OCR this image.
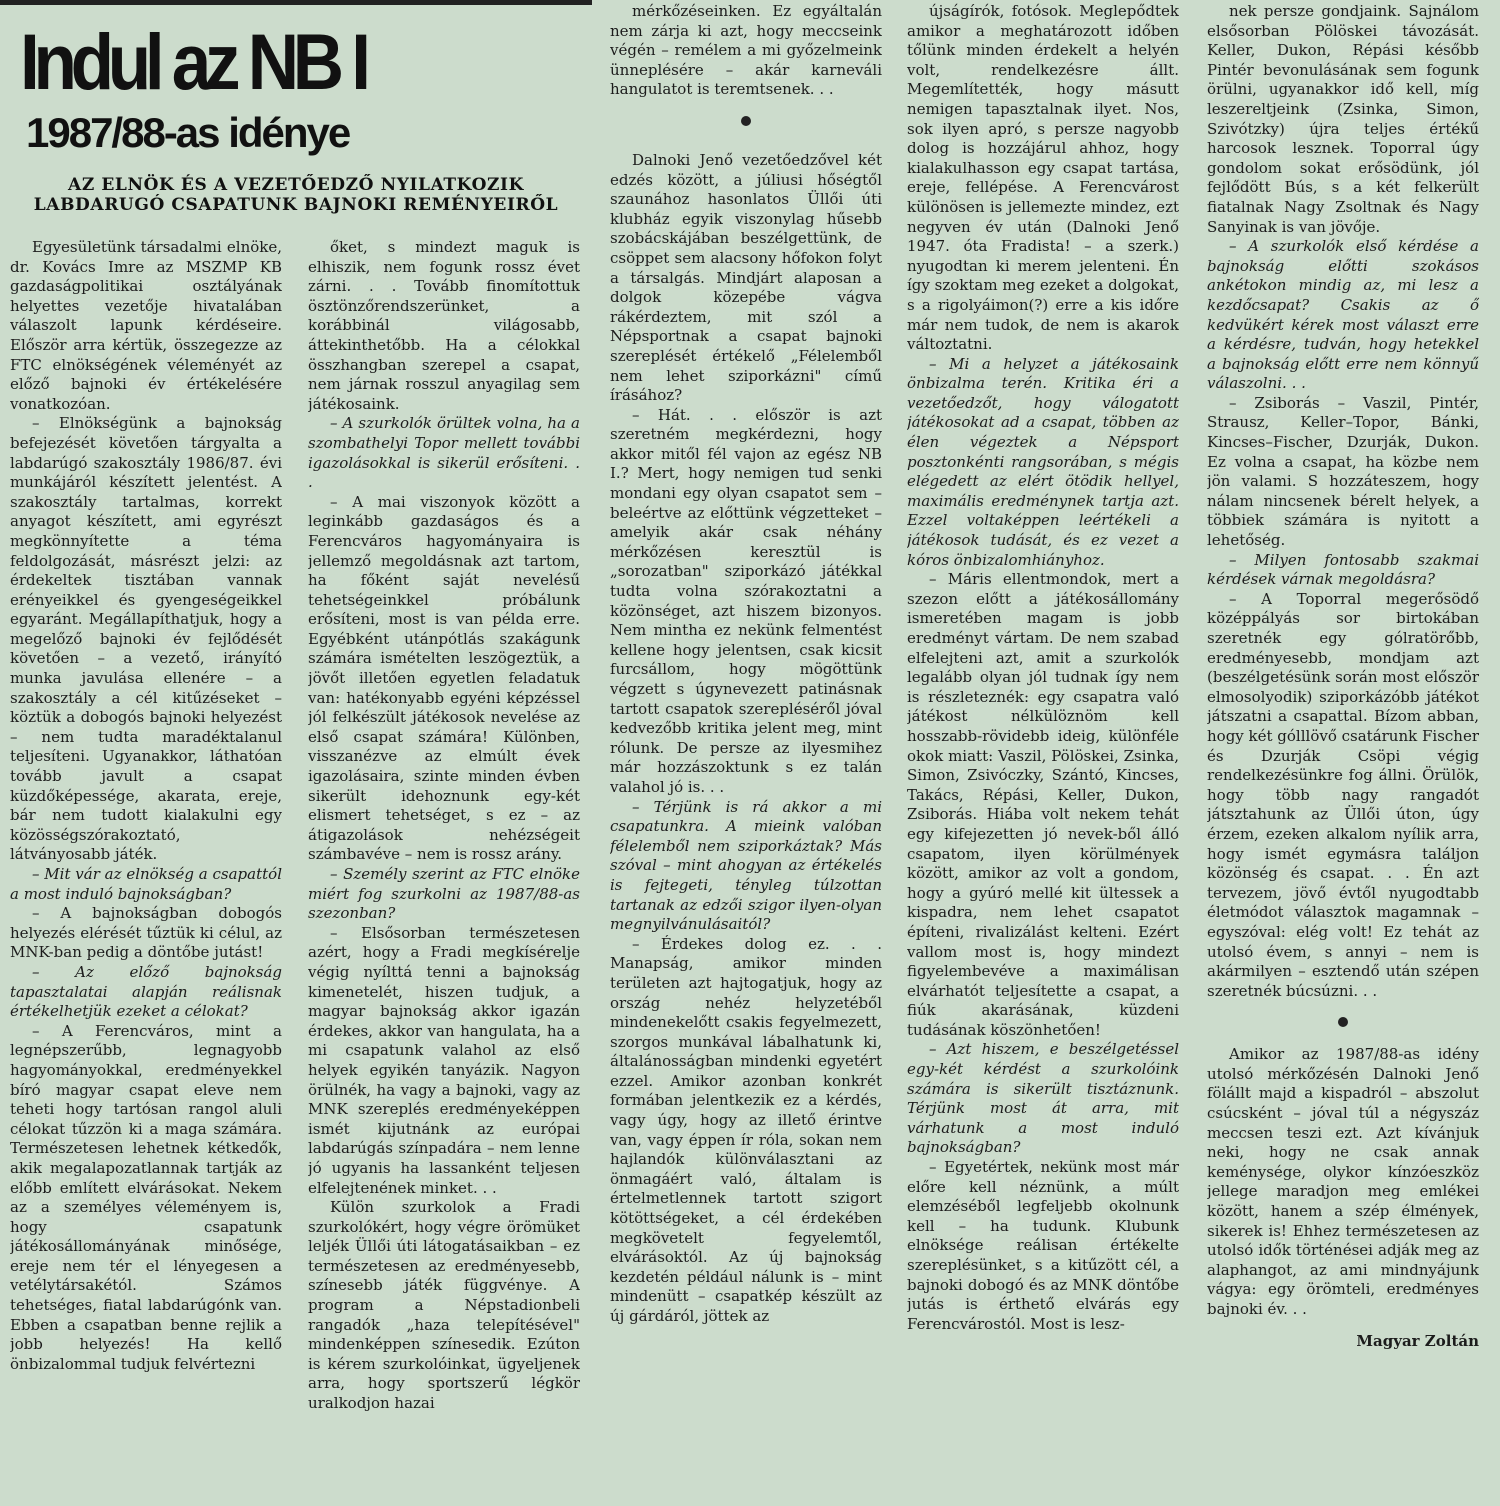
Indul az NB I
1987/88-as idénye
AZ ELNÖK ÉS A VEZETŐEDZŐ NYILATKOZIK
LABDARUGÓ CSAPATUNK BAJNOKI REMÉNYEIRŐL

Egyesületünk társadalmi elnöke, dr. Kovács Imre az MSZMP KB gazdaságpolitikai osztályának helyettes vezetője hivatalában válaszolt lapunk kérdéseire. Először arra kértük, összegezze az FTC elnökségének véleményét az előző bajnoki év értékelésére vonatkozóan.

– Elnökségünk a bajnokság befejezését követően tárgyalta a labdarúgó szakosztály 1986/87. évi munkájáról készített jelentést. A szakosztály tartalmas, korrekt anyagot készített, ami egyrészt megkönnyítette a téma feldolgozását, másrészt jelzi: az érdekeltek tisztában vannak erényeikkel és gyengeségeikkel egyaránt. Megállapíthatjuk, hogy a megelőző bajnoki év fejlődését követően – a vezető, irányító munka javulása ellenére – a szakosztály a cél kitűzéseket – köztük a dobogós bajnoki helyezést – nem tudta maradéktalanul teljesíteni. Ugyanakkor, láthatóan tovább javult a csapat küzdőképessége, akarata, ereje, bár nem tudott kialakulni egy közösségszórakoztató, látványosabb játék.

– Mit vár az elnökség a csapattól a most induló bajnokságban?

– A bajnokságban dobogós helyezés elérését tűztük ki célul, az MNK-ban pedig a döntőbe jutást!

– Az előző bajnokság tapasztalatai alapján reálisnak értékelhetjük ezeket a célokat?

– A Ferencváros, mint a legnépszerűbb, legnagyobb hagyományokkal, eredményekkel bíró magyar csapat eleve nem teheti hogy tartósan rangol aluli célokat tűzzön ki a maga számára. Természetesen lehetnek kétkedők, akik megalapozatlannak tartják az előbb említett elvárásokat. Nekem az a személyes véleményem is, hogy csapatunk játékosállományának minősége, ereje nem tér el lényegesen a vetélytársakétól. Számos tehetséges, fiatal labdarúgónk van. Ebben a csapatban benne rejlik a jobb helyezés! Ha kellő önbizalommal tudjuk felvértezni

őket, s mindezt maguk is elhiszik, nem fogunk rossz évet zárni. . . Tovább finomítottuk ösztönzőrendszerünket, a korábbinál világosabb, áttekinthetőbb. Ha a célokkal összhangban szerepel a csapat, nem járnak rosszul anyagilag sem játékosaink.

– A szurkolók örültek volna, ha a szombathelyi Topor mellett további igazolásokkal is sikerül erősíteni. . .

– A mai viszonyok között a leginkább gazdaságos és a Ferencváros hagyományaira is jellemző megoldásnak azt tartom, ha főként saját nevelésű tehetségeinkkel próbálunk erősíteni, most is van példa erre. Egyébként utánpótlás szakágunk számára ismételten leszögeztük, a jövőt illetően egyetlen feladatuk van: hatékonyabb egyéni képzéssel jól felkészült játékosok nevelése az első csapat számára! Különben, visszanézve az elmúlt évek igazolásaira, szinte minden évben sikerült idehoznunk egy-két elismert tehetséget, s ez – az átigazolások nehézségeit számbavéve – nem is rossz arány.

– Személy szerint az FTC elnöke miért fog szurkolni az 1987/88-as szezonban?

– Elsősorban természetesen azért, hogy a Fradi megkísérelje végig nyílttá tenni a bajnokság kimenetelét, hiszen tudjuk, a magyar bajnokság akkor igazán érdekes, akkor van hangulata, ha a mi csapatunk valahol az első helyek egyikén tanyázik. Nagyon örülnék, ha vagy a bajnoki, vagy az MNK szereplés eredményeképpen ismét kijutnánk az európai labdarúgás színpadára – nem lenne jó ugyanis ha lassanként teljesen elfelejtenének minket. . .

Külön szurkolok a Fradi szurkolókért, hogy végre örömüket leljék Üllői úti látogatásaikban – ez természetesen az eredményesebb, színesebb játék függvénye. A program a Népstadionbeli rangadók „haza telepítésével" mindenképpen színesedik. Ezúton is kérem szurkolóinkat, ügyeljenek arra, hogy sportszerű légkör uralkodjon hazai

mérkőzéseinken. Ez egyáltalán nem zárja ki azt, hogy meccseink végén – remélem a mi győzelmeink ünneplésére – akár karneváli hangulatot is teremtsenek. . .

Dalnoki Jenő vezetőedzővel két edzés között, a júliusi hőségtől szaunához hasonlatos Üllői úti klubház egyik viszonylag hűsebb szobácskájában beszélgettünk, de csöppet sem alacsony hőfokon folyt a társalgás. Mindjárt alaposan a dolgok közepébe vágva rákérdeztem, mit szól a Népsportnak a csapat bajnoki szereplését értékelő „Félelemből nem lehet sziporkázni" című írásához?

– Hát. . . először is azt szeretném megkérdezni, hogy akkor mitől fél vajon az egész NB I.? Mert, hogy nemigen tud senki mondani egy olyan csapatot sem – beleértve az előttünk végzetteket – amelyik akár csak néhány mérkőzésen keresztül is „sorozatban" sziporkázó játékkal tudta volna szórakoztatni a közönséget, azt hiszem bizonyos. Nem mintha ez nekünk felmentést kellene hogy jelentsen, csak kicsit furcsállom, hogy mögöttünk végzett s úgynevezett patinásnak tartott csapatok szerepléséről jóval kedvezőbb kritika jelent meg, mint rólunk. De persze az ilyesmihez már hozzászoktunk s ez talán valahol jó is. . .

– Térjünk is rá akkor a mi csapatunkra. A mieink valóban félelemből nem sziporkáztak? Más szóval – mint ahogyan az értékelés is fejtegeti, tényleg túlzottan tartanak az edzői szigor ilyen-olyan megnyilvánulásaitól?

– Érdekes dolog ez. . . Manapság, amikor minden területen azt hajtogatjuk, hogy az ország nehéz helyzetéből mindenekelőtt csakis fegyelmezett, szorgos munkával lábalhatunk ki, általánosságban mindenki egyetért ezzel. Amikor azonban konkrét formában jelentkezik ez a kérdés, vagy úgy, hogy az illető érintve van, vagy éppen ír róla, sokan nem hajlandók különválasztani az önmagáért való, általam is értelmetlennek tartott szigort kötöttségeket, a cél érdekében megkövetelt fegyelemtől, elvárásoktól. Az új bajnokság kezdetén például nálunk is – mint mindenütt – csapatkép készült az új gárdáról, jöttek az

újságírók, fotósok. Meglepődtek amikor a meghatározott időben tőlünk minden érdekelt a helyén volt, rendelkezésre állt. Megemlítették, hogy másutt nemigen tapasztalnak ilyet. Nos, sok ilyen apró, s persze nagyobb dolog is hozzájárul ahhoz, hogy kialakulhasson egy csapat tartása, ereje, fellépése. A Ferencvárost különösen is jellemezte mindez, ezt negyven év után (Dalnoki Jenő 1947. óta Fradista! – a szerk.) nyugodtan ki merem jelenteni. Én így szoktam meg ezeket a dolgokat, s a rigolyáimon(?) erre a kis időre már nem tudok, de nem is akarok változtatni.

– Mi a helyzet a játékosaink önbizalma terén. Kritika éri a vezetőedzőt, hogy válogatott játékosokat ad a csapat, többen az élen végeztek a Népsport posztonkénti rangsorában, s mégis elégedett az elért ötödik hellyel, maximális eredménynek tartja azt. Ezzel voltaképpen leértékeli a játékosok tudását, és ez vezet a kóros önbizalomhiányhoz.

– Máris ellentmondok, mert a szezon előtt a játékosállomány ismeretében magam is jobb eredményt vártam. De nem szabad elfelejteni azt, amit a szurkolók legalább olyan jól tudnak így nem is részleteznék: egy csapatra való játékost nélkülöznöm kell hosszabb-rövidebb ideig, különféle okok miatt: Vaszil, Pölöskei, Zsinka, Simon, Zsivóczky, Szántó, Kincses, Takács, Répási, Keller, Dukon, Zsiborás. Hiába volt nekem tehát egy kifejezetten jó nevek-ből álló csapatom, ilyen körülmények között, amikor az volt a gondom, hogy a gyúró mellé kit ültessek a kispadra, nem lehet csapatot építeni, rivalizálást kelteni. Ezért vallom most is, hogy mindezt figyelembevéve a maximálisan elvárhatót teljesítette a csapat, a fiúk akarásának, küzdeni tudásának köszönhetően!

– Azt hiszem, e beszélgetéssel egy-két kérdést a szurkolóink számára is sikerült tisztáznunk. Térjünk most át arra, mit várhatunk a most induló bajnokságban?

– Egyetértek, nekünk most már előre kell néznünk, a múlt elemzéséből legfeljebb okolnunk kell – ha tudunk. Klubunk elnöksége reálisan értékelte szereplésünket, s a kitűzött cél, a bajnoki dobogó és az MNK döntőbe jutás is érthető elvárás egy Ferencvárostól. Most is lesz-

nek persze gondjaink. Sajnálom elsősorban Pölöskei távozását. Keller, Dukon, Répási később Pintér bevonulásának sem fogunk örülni, ugyanakkor idő kell, míg leszereltjeink (Zsinka, Simon, Szivótzky) újra teljes értékű harcosok lesznek. Toporral úgy gondolom sokat erősödünk, jól fejlődött Bús, s a két felkerült fiatalnak Nagy Zsoltnak és Nagy Sanyinak is van jövője.

– A szurkolók első kérdése a bajnokság előtti szokásos ankétokon mindig az, mi lesz a kezdőcsapat? Csakis az ő kedvükért kérek most választ erre a kérdésre, tudván, hogy hetekkel a bajnokság előtt erre nem könnyű válaszolni. . .

– Zsiborás – Vaszil, Pintér, Strausz, Keller–Topor, Bánki, Kincses–Fischer, Dzurják, Dukon. Ez volna a csapat, ha közbe nem jön valami. S hozzáteszem, hogy nálam nincsenek bérelt helyek, a többiek számára is nyitott a lehetőség.

– Milyen fontosabb szakmai kérdések várnak megoldásra?

– A Toporral megerősödő középpályás sor birtokában szeretnék egy gólratörőbb, eredményesebb, mondjam azt (beszélgetésünk során most először elmosolyodik) sziporkázóbb játékot játszatni a csapattal. Bízom abban, hogy két gólllövő csatárunk Fischer és Dzurják Csöpi végig rendelkezésünkre fog állni. Örülök, hogy több nagy rangadót játsztahunk az Üllői úton, úgy érzem, ezeken alkalom nyílik arra, hogy ismét egymásra találjon közönség és csapat. . . Én azt tervezem, jövő évtől nyugodtabb életmódot választok magamnak – egyszóval: elég volt! Ez tehát az utolsó évem, s annyi – nem is akármilyen – esztendő után szépen szeretnék búcsúzni. . .

Amikor az 1987/88-as idény utolsó mérkőzésén Dalnoki Jenő fölállt majd a kispadról – abszolut csúcsként – jóval túl a négyszáz meccsen teszi ezt. Azt kívánjuk neki, hogy ne csak annak keménysége, olykor kínzóeszköz jellege maradjon meg emlékei között, hanem a szép élmények, sikerek is! Ehhez természetesen az utolsó idők történései adják meg az alaphangot, az ami mindnyájunk vágya: egy örömteli, eredményes bajnoki év. . .

Magyar Zoltán
